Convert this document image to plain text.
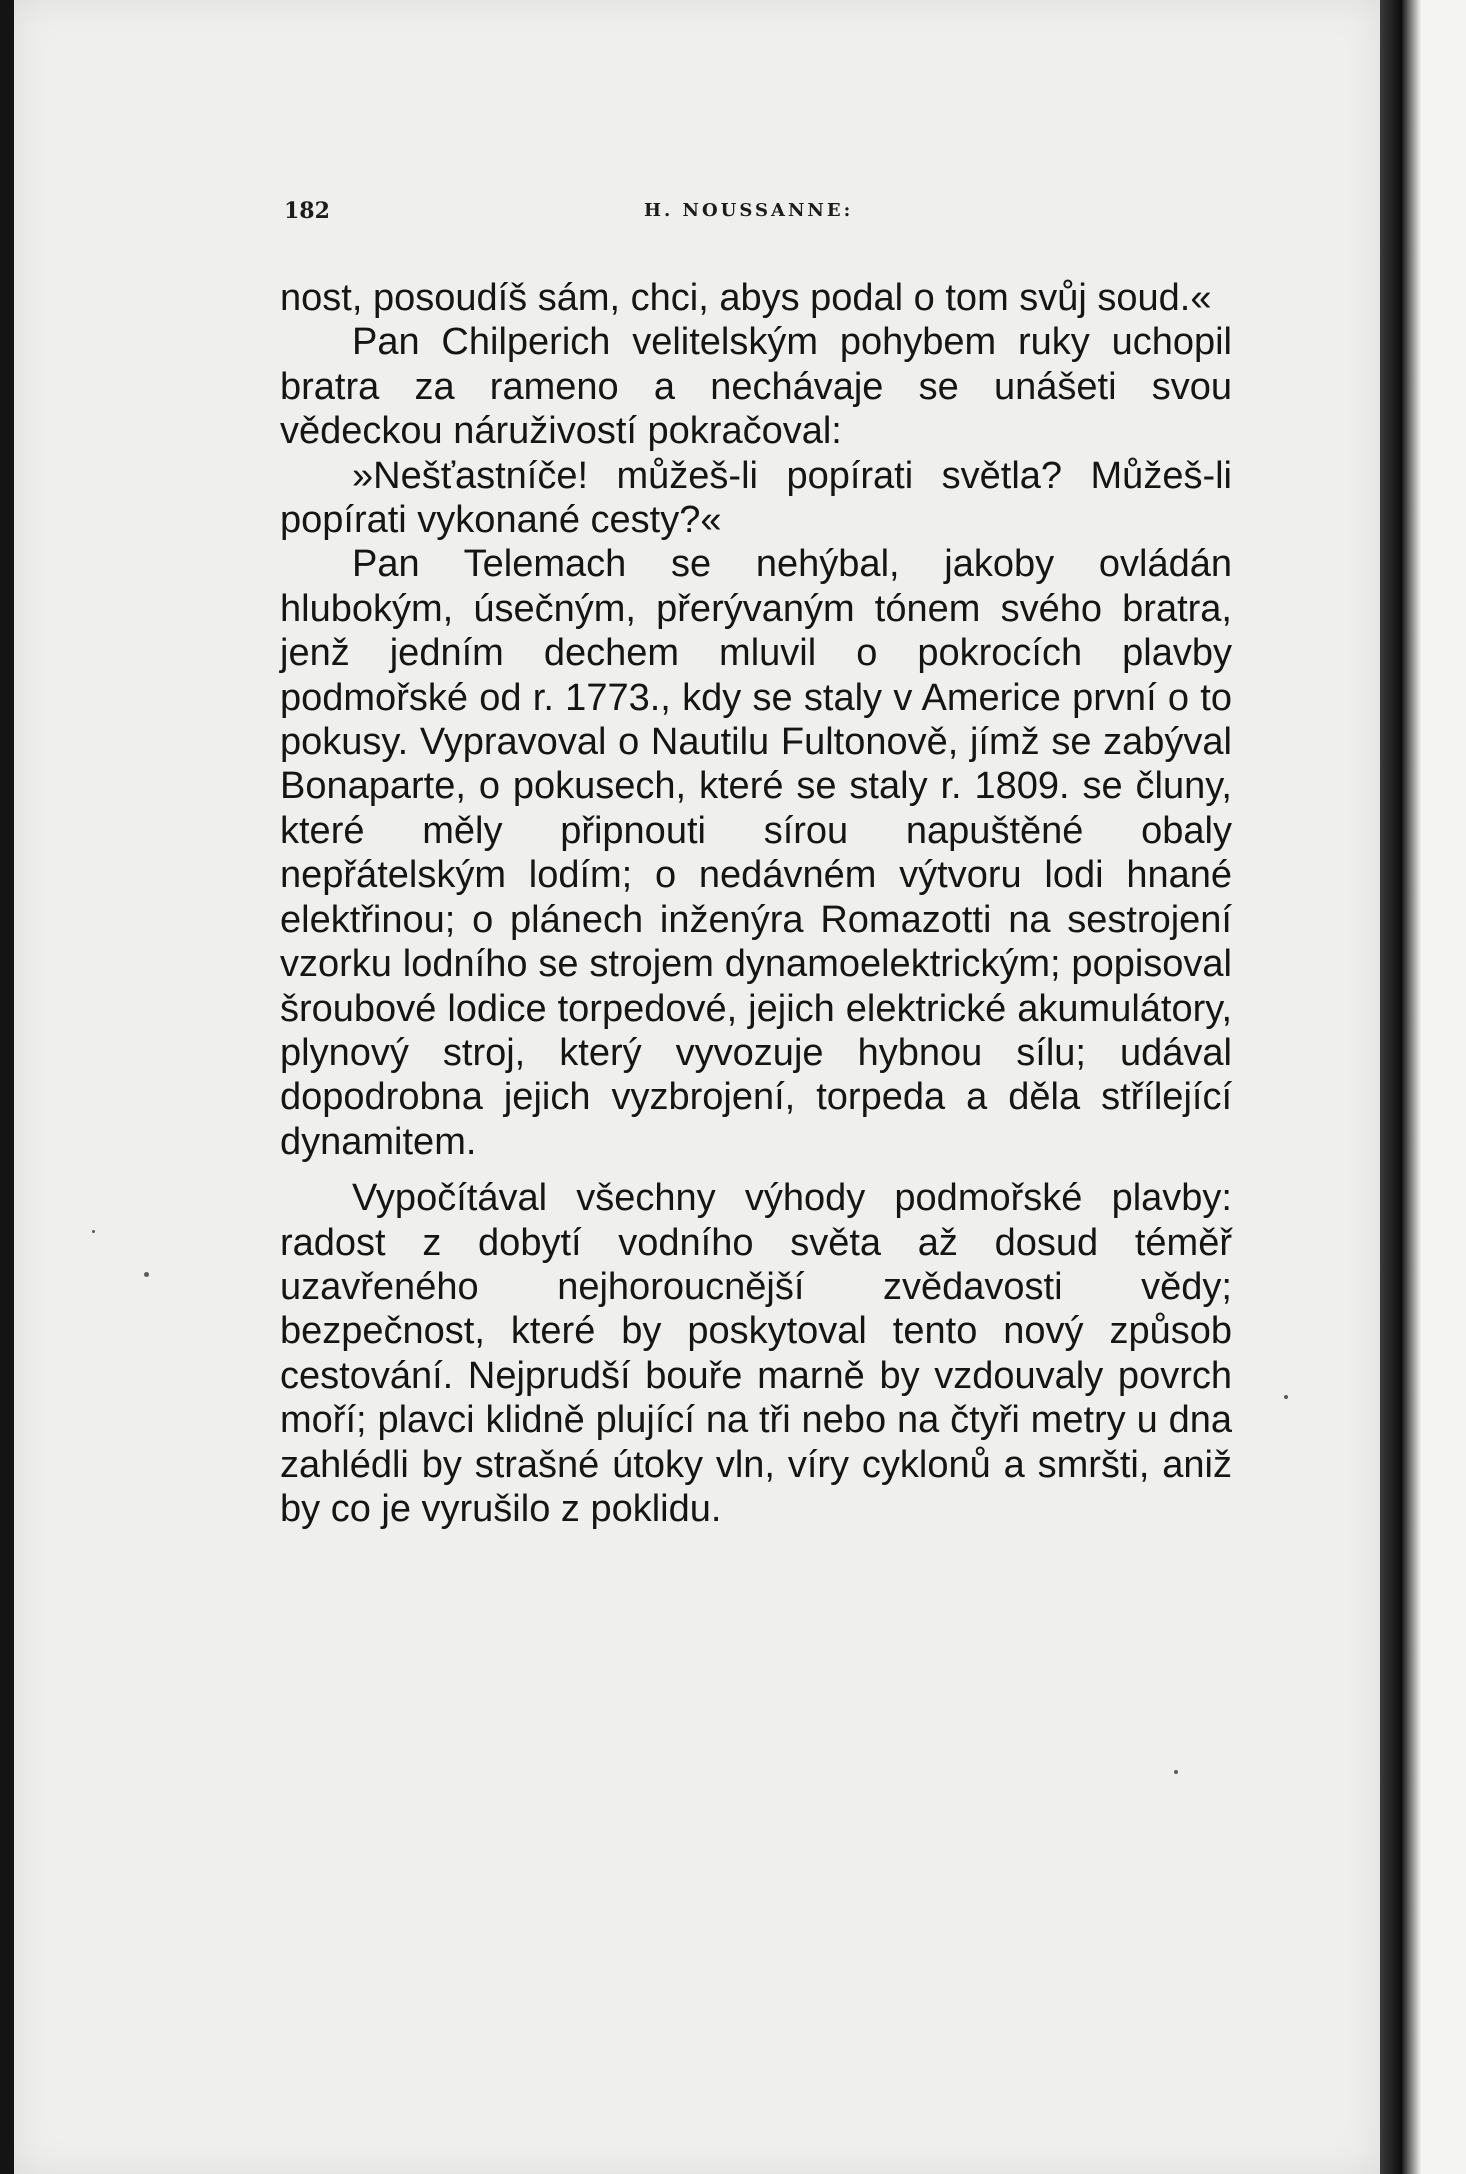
182	H. NOUSSANNE:

nost, posoudíš sám, chci, abys podal o tom svůj soud.«

Pan Chilperich velitelským pohybem ruky uchopil bratra za rameno a nechávaje se unášeti svou vědeckou náruživostí pokračoval:

»Nešťastníče! můžeš-li popírati světla? Můžeš-li popírati vykonané cesty?«

Pan Telemach se nehýbal, jakoby ovládán hlubokým, úsečným, přerývaným tónem svého bratra, jenž jedním dechem mluvil o pokrocích plavby podmořské od r. 1773., kdy se staly v Americe první o to pokusy. Vypravoval o Nautilu Fultonově, jímž se zabýval Bonaparte, o pokusech, které se staly r. 1809. se čluny, které měly připnouti sírou napuštěné obaly nepřátelským lodím; o nedávném výtvoru lodi hnané elektřinou; o plánech inženýra Romazotti na sestrojení vzorku lodního se strojem dynamoelektrickým; popisoval šroubové lodice torpedové, jejich elektrické akumulátory, plynový stroj, který vyvozuje hybnou sílu; udával dopodrobna jejich vyzbrojení, torpeda a děla střílející dynamitem.

Vypočítával všechny výhody podmořské plavby: radost z dobytí vodního světa až dosud téměř uzavřeného nejhoroucnější zvědavosti vědy; bezpečnost, které by poskytoval tento nový způsob cestování. Nejprudší bouře marně by vzdouvaly povrch moří; plavci klidně plující na tři nebo na čtyři metry u dna zahlédli by strašné útoky vln, víry cyklonů a smršti, aniž by co je vyrušilo z poklidu.
